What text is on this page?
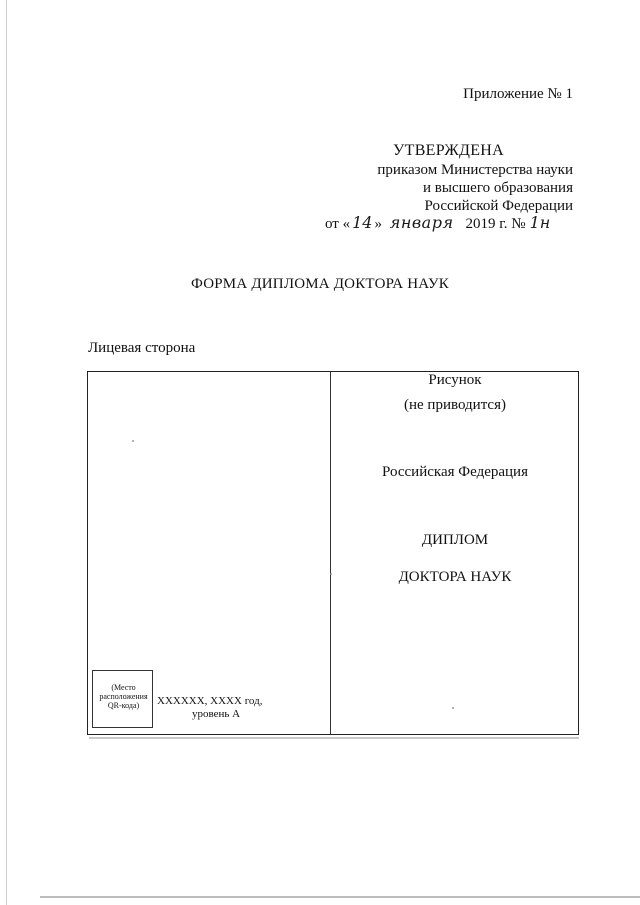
Приложение № 1
УТВЕРЖДЕНА
приказом Министерства науки
и высшего образования
Российской Федерации
от « 14 » января 2019 г. № 1н
ФОРМА ДИПЛОМА ДОКТОРА НАУК
Лицевая сторона
Рисунок
(не приводится)
Российская Федерация
ДИПЛОМ
ДОКТОРА НАУК
(Место
расположения
QR-кода)	XXXXXX, XXXX год,
уровень А
